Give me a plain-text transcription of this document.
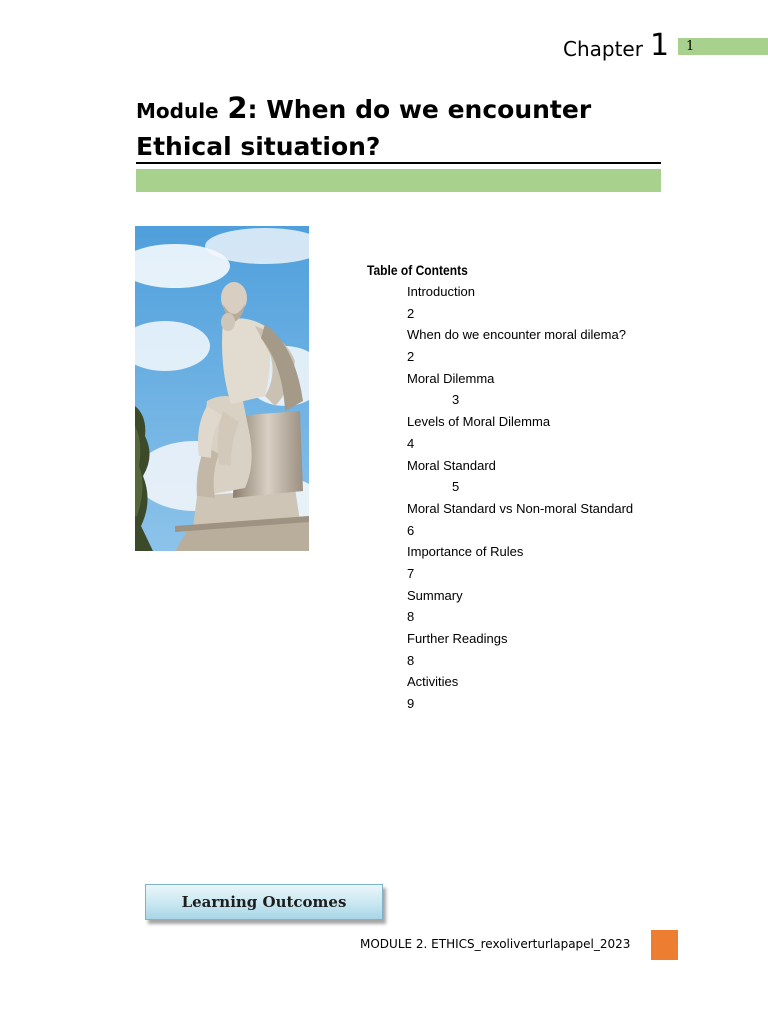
Chapter 1 1
Module 2: When do we encounter Ethical situation?
Table of Contents
Introduction
2
When do we encounter moral dilema?
2
Moral Dilemma
3
Levels of Moral Dilemma
4
Moral Standard
5
Moral Standard vs Non-moral Standard
6
Importance of Rules
7
Summary
8
Further Readings
8
Activities
9
Learning Outcomes
MODULE 2. ETHICS_rexoliverturlapapel_2023
